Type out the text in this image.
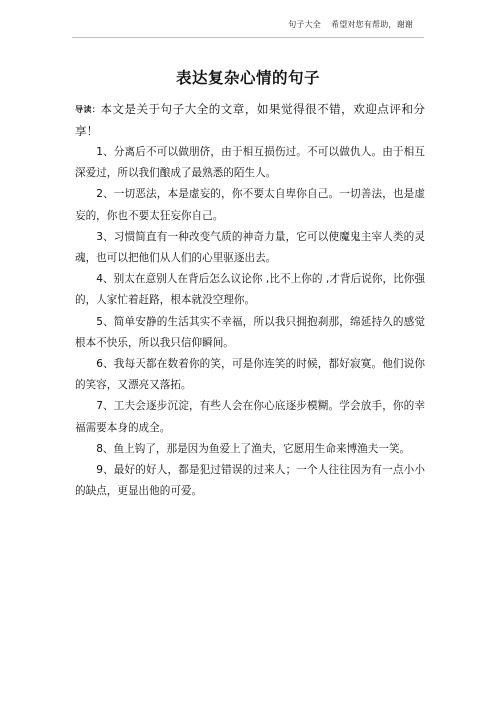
句子大全 希望对您有帮助，谢谢
表达复杂心情的句子

导读：本文是关于句子大全的文章，如果觉得很不错，欢迎点评和分享！

1、分离后不可以做朋侪，由于相互损伤过。不可以做仇人。由于相互深爱过，所以我们酿成了最熟悉的陌生人。

2、一切恶法，本是虚妄的，你不要太自卑你自己。一切善法，也是虚妄的，你也不要太狂妄你自己。

3、习惯简直有一种改变气质的神奇力量，它可以使魔鬼主宰人类的灵魂，也可以把他们从人们的心里驱逐出去。

4、别太在意别人在背后怎么议论你 ,比不上你的 ,才背后说你，比你强的，人家忙着赶路，根本就没空理你。

5、简单安静的生活其实不幸福，所以我只拥抱刹那，绵延持久的感觉根本不快乐，所以我只信仰瞬间。

6、我每天都在数着你的笑，可是你连笑的时候，都好寂寞。他们说你的笑容，又漂亮又落拓。

7、工夫会逐步沉淀，有些人会在你心底逐步模糊。学会放手，你的幸福需要本身的成全。

8、鱼上钩了，那是因为鱼爱上了渔夫，它愿用生命来博渔夫一笑。

9、最好的好人，都是犯过错误的过来人；一个人往往因为有一点小小的缺点，更显出他的可爱。
